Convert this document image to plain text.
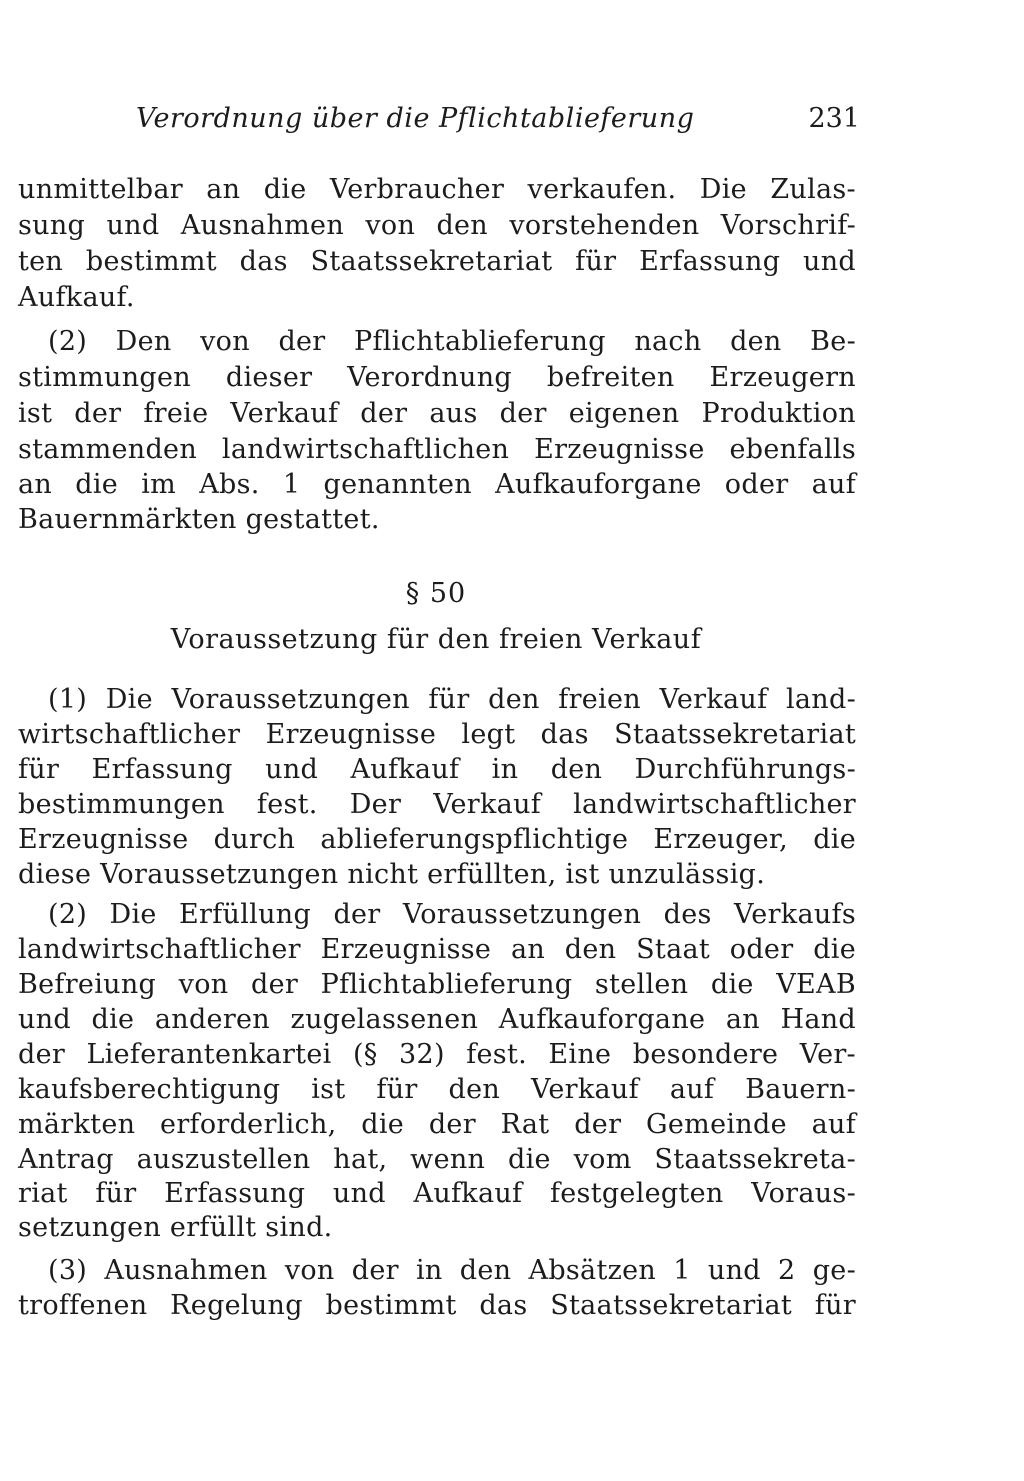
Verordnung über die Pflichtablieferung	231
unmittelbar an die Verbraucher verkaufen. Die Zulas-
sung und Ausnahmen von den vorstehenden Vorschrif-
ten bestimmt das Staatssekretariat für Erfassung und
Aufkauf.
(2) Den von der Pflichtablieferung nach den Be-
stimmungen dieser Verordnung befreiten Erzeugern
ist der freie Verkauf der aus der eigenen Produktion
stammenden landwirtschaftlichen Erzeugnisse ebenfalls
an die im Abs. 1 genannten Aufkauforgane oder auf
Bauernmärkten gestattet.
§ 50
Voraussetzung für den freien Verkauf
(1) Die Voraussetzungen für den freien Verkauf land-
wirtschaftlicher Erzeugnisse legt das Staatssekretariat
für Erfassung und Aufkauf in den Durchführungs-
bestimmungen fest. Der Verkauf landwirtschaftlicher
Erzeugnisse durch ablieferungspflichtige Erzeuger, die
diese Voraussetzungen nicht erfüllten, ist unzulässig.
(2) Die Erfüllung der Voraussetzungen des Verkaufs
landwirtschaftlicher Erzeugnisse an den Staat oder die
Befreiung von der Pflichtablieferung stellen die VEAB
und die anderen zugelassenen Aufkauforgane an Hand
der Lieferantenkartei (§ 32) fest. Eine besondere Ver-
kaufsberechtigung ist für den Verkauf auf Bauern-
märkten erforderlich, die der Rat der Gemeinde auf
Antrag auszustellen hat, wenn die vom Staatssekreta-
riat für Erfassung und Aufkauf festgelegten Voraus-
setzungen erfüllt sind.
(3) Ausnahmen von der in den Absätzen 1 und 2 ge-
troffenen Regelung bestimmt das Staatssekretariat für
